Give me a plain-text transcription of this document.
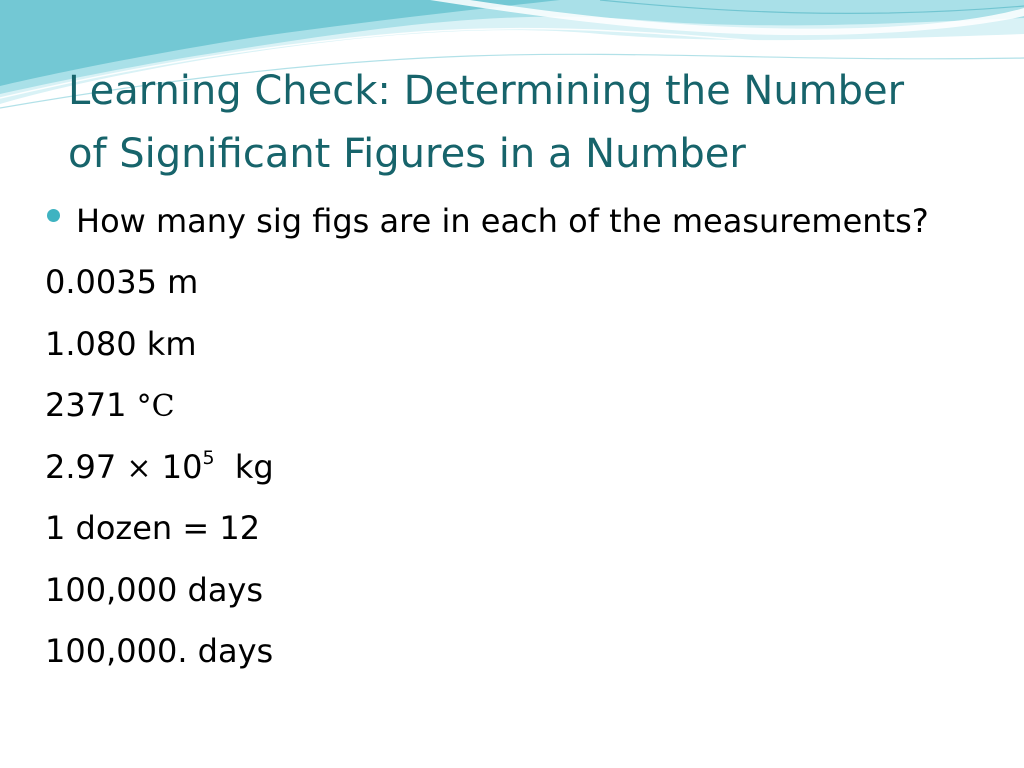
Learning Check: Determining the Number
of Significant Figures in a Number
How many sig figs are in each of the measurements?
0.0035 m
1.080 km
2371 °C
$2.97 \times 10^5$ kg
1 dozen = 12
100,000 days
100,000. days
